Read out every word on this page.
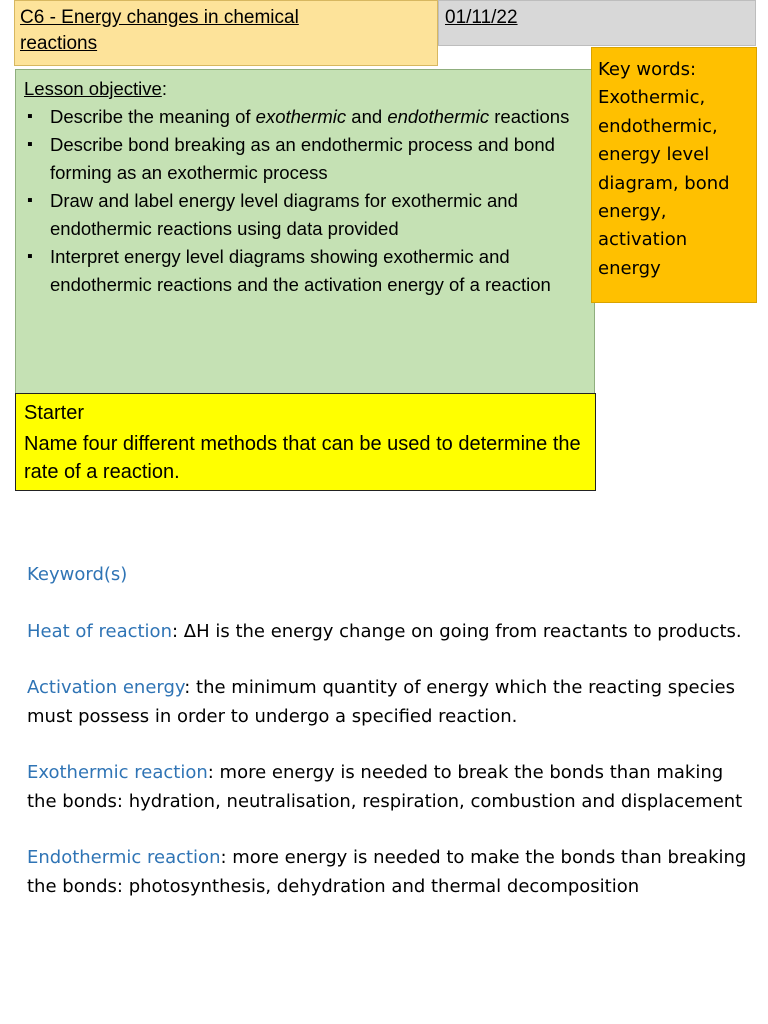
C6 - Energy changes in chemical
reactions
01/11/22
Lesson objective:
▪ Describe the meaning of exothermic and endothermic reactions
▪ Describe bond breaking as an endothermic process and bond forming as an exothermic process
▪ Draw and label energy level diagrams for exothermic and endothermic reactions using data provided
▪ Interpret energy level diagrams showing exothermic and endothermic reactions and the activation energy of a reaction
Key words:
Exothermic,
endothermic,
energy level
diagram, bond
energy,
activation
energy
Starter
Name four different methods that can be used to determine the rate of a reaction.
Keyword(s)
Heat of reaction: ΔH is the energy change on going from reactants to products.
Activation energy: the minimum quantity of energy which the reacting species must possess in order to undergo a specified reaction.
Exothermic reaction: more energy is needed to break the bonds than making the bonds: hydration, neutralisation, respiration, combustion and displacement
Endothermic reaction: more energy is needed to make the bonds than breaking the bonds: photosynthesis, dehydration and thermal decomposition
